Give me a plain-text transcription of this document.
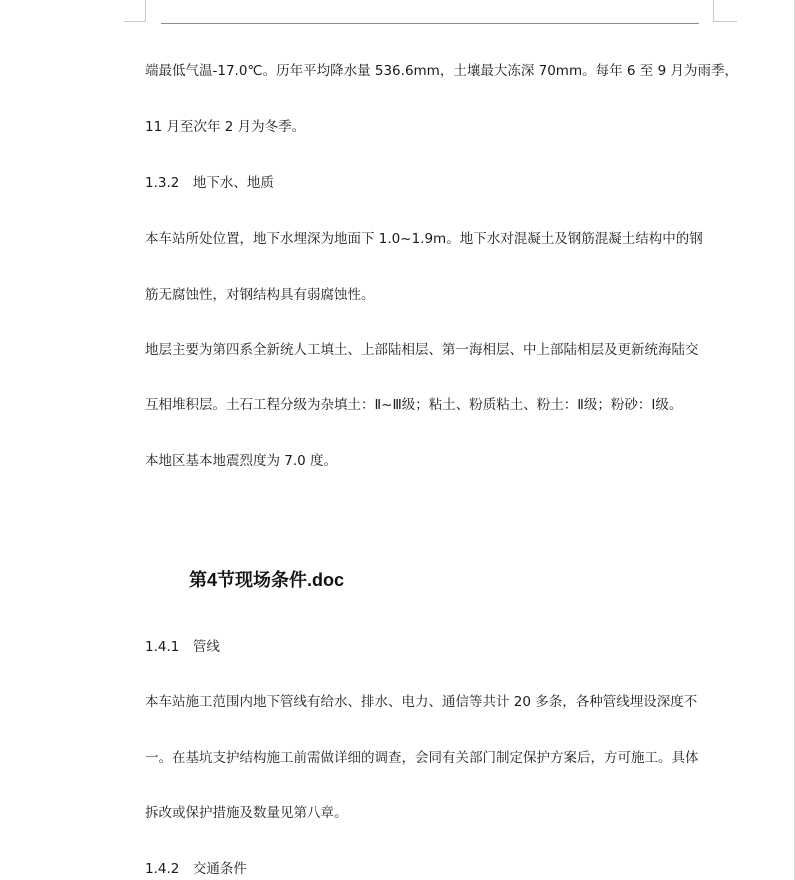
端最低气温-17.0℃。历年平均降水量 536.6mm，土壤最大冻深 70mm。每年 6 至 9 月为雨季，
11 月至次年 2 月为冬季。
1.3.2　地下水、地质
本车站所处位置，地下水埋深为地面下 1.0~1.9m。地下水对混凝土及钢筋混凝土结构中的钢
筋无腐蚀性，对钢结构具有弱腐蚀性。
地层主要为第四系全新统人工填土、上部陆相层、第一海相层、中上部陆相层及更新统海陆交
互相堆积层。土石工程分级为杂填土：Ⅱ~Ⅲ级；粘土、粉质粘土、粉土：Ⅱ级；粉砂：Ⅰ级。
本地区基本地震烈度为 7.0 度。
第4节现场条件.doc
1.4.1　管线
本车站施工范围内地下管线有给水、排水、电力、通信等共计 20 多条，各种管线埋设深度不
一。在基坑支护结构施工前需做详细的调查，会同有关部门制定保护方案后，方可施工。具体
拆改或保护措施及数量见第八章。
1.4.2　交通条件
